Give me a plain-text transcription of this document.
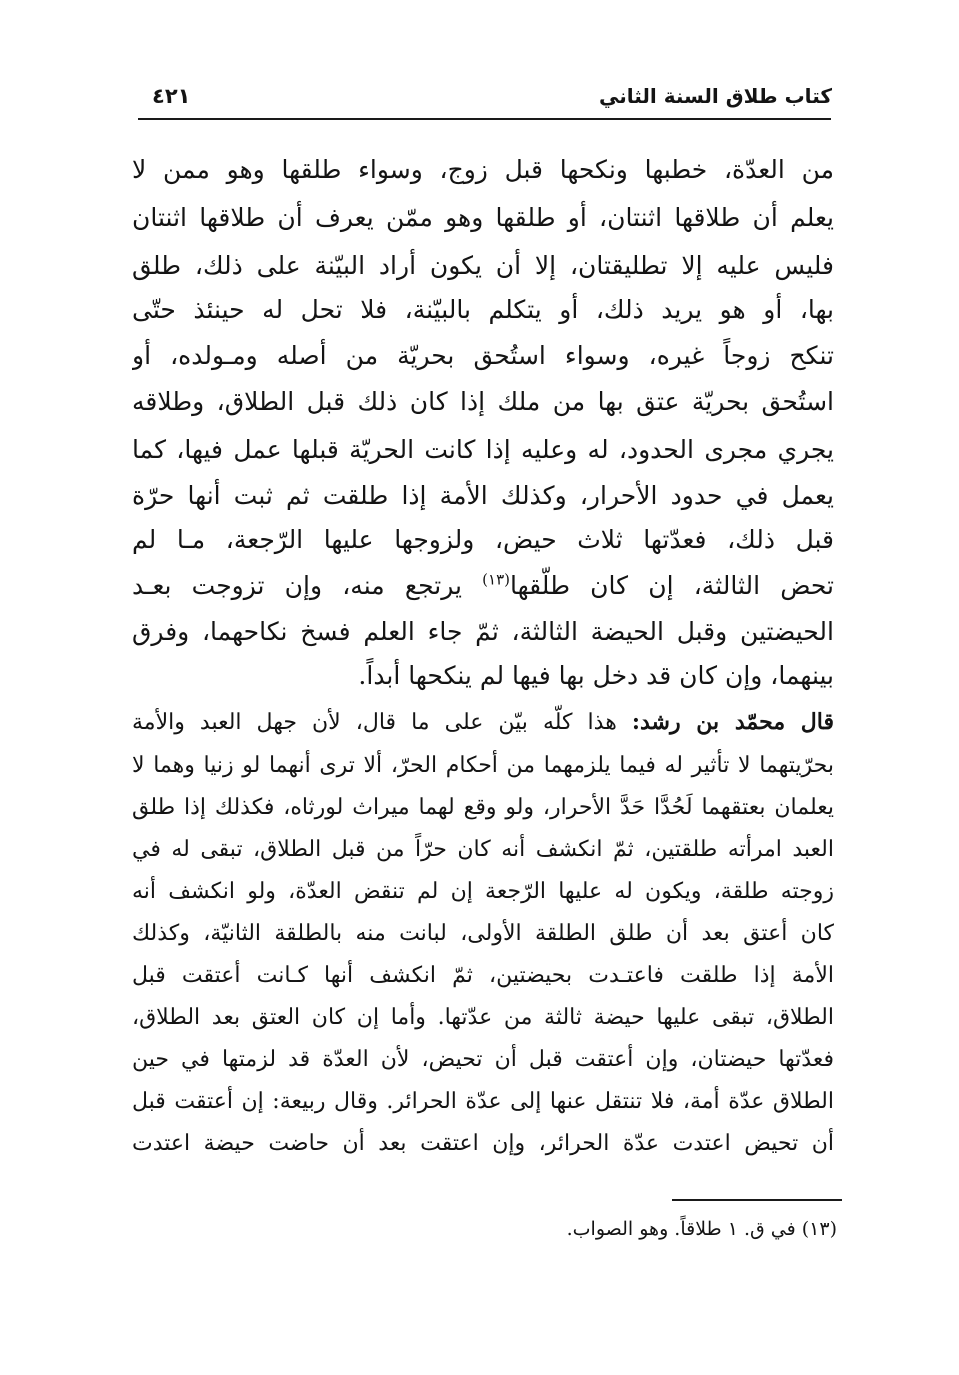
كتاب طلاق السنة الثاني
٤٢١
من العدّة، خطبها ونكحها قبل زوج، وسواء طلقها وهو ممن لا
يعلم أن طلاقها اثنتان، أو طلقها وهو ممّن يعرف أن طلاقها اثنتان
فليس عليه إلا تطليقتان، إلا أن يكون أراد البيّنة على ذلك، طلق
بها، أو هو يريد ذلك، أو يتكلم بالبيّنة، فلا تحل له حينئذ حتّى
تنكح زوجاً غيره، وسواء استُحق بحريّة من أصله ومـولده، أو
استُحق بحريّة عتق بها من ملك إذا كان ذلك قبل الطلاق، وطلاقه
يجري مجرى الحدود، له وعليه إذا كانت الحريّة قبلها عمل فيها، كما
يعمل في حدود الأحرار، وكذلك الأمة إذا طلقت ثم ثبت أنها حرّة
قبل ذلك، فعدّتها ثلاث حيض، ولزوجها عليها الرّجعة، مـا لم
تحض الثالثة، إن كان طلّقها$^{(١٣)}$ يرتجع منه، وإن تزوجت بعـد
الحيضتين وقبل الحيضة الثالثة، ثمّ جاء العلم فسخ نكاحهما، وفرق
بينهما، وإن كان قد دخل بها فيها لم ينكحها أبداً.
قال محمّد بن رشد: هذا كلّه بيّن على ما قال، لأن جهل العبد والأمة
بحرّيتهما لا تأثير له فيما يلزمهما من أحكام الحرّ، ألا ترى أنهما لو زنيا وهما لا
يعلمان بعتقهما لَحُدَّا حَدَّ الأحرار، ولو وقع لهما ميراث لورثاه، فكذلك إذا طلق
العبد امرأته طلقتين، ثمّ انكشف أنه كان حرّاً من قبل الطلاق، تبقى له في
زوجته طلقة، ويكون له عليها الرّجعة إن لم تنقض العدّة، ولو انكشف أنه
كان أعتق بعد أن طلق الطلقة الأولى، لبانت منه بالطلقة الثانيّة، وكذلك
الأمة إذا طلقت فاعتـدت بحيضتين، ثمّ انكشف أنها كـانت أعتقت قبل
الطلاق، تبقى عليها حيضة ثالثة من عدّتها. وأما إن كان العتق بعد الطلاق،
فعدّتها حيضتان، وإن أعتقت قبل أن تحيض، لأن العدّة قد لزمتها في حين
الطلاق عدّة أمة، فلا تنتقل عنها إلى عدّة الحرائر. وقال ربيعة: إن أعتقت قبل
أن تحيض اعتدت عدّة الحرائر، وإن اعتقت بعد أن حاضت حيضة اعتدت
(١٣) في ق. ١ طلاقاً. وهو الصواب.
